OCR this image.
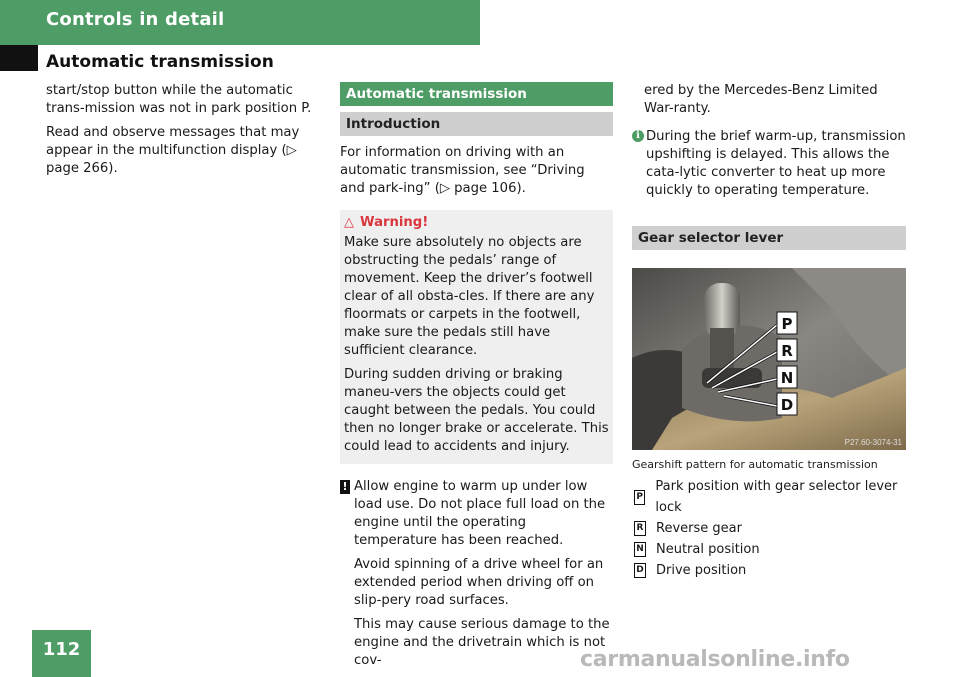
Controls in detail
Automatic transmission

start/stop button while the automatic trans-mission was not in park position P.

Read and observe messages that may appear in the multifunction display (▷ page 266).

Automatic transmission
Introduction

For information on driving with an automatic transmission, see “Driving and park-ing” (▷ page 106).

△ Warning!

Make sure absolutely no objects are obstructing the pedals’ range of movement. Keep the driver’s footwell clear of all obsta-cles. If there are any floormats or carpets in the footwell, make sure the pedals still have sufficient clearance.

During sudden driving or braking maneu-vers the objects could get caught between the pedals. You could then no longer brake or accelerate. This could lead to accidents and injury.

! Allow engine to warm up under low load use. Do not place full load on the engine until the operating temperature has been reached.

Avoid spinning of a drive wheel for an extended period when driving off on slip-pery road surfaces.

This may cause serious damage to the engine and the drivetrain which is not cov-

ered by the Mercedes-Benz Limited War-ranty.

i During the brief warm-up, transmission upshifting is delayed. This allows the cata-lytic converter to heat up more quickly to operating temperature.

Gear selector lever
P
R
N
D
P27.60-3074-31
Gearshift pattern for automatic transmission
P
Park position with gear selector lever lock
R Reverse gear
N Neutral position
D Drive position
112	carmanualsonline.info
